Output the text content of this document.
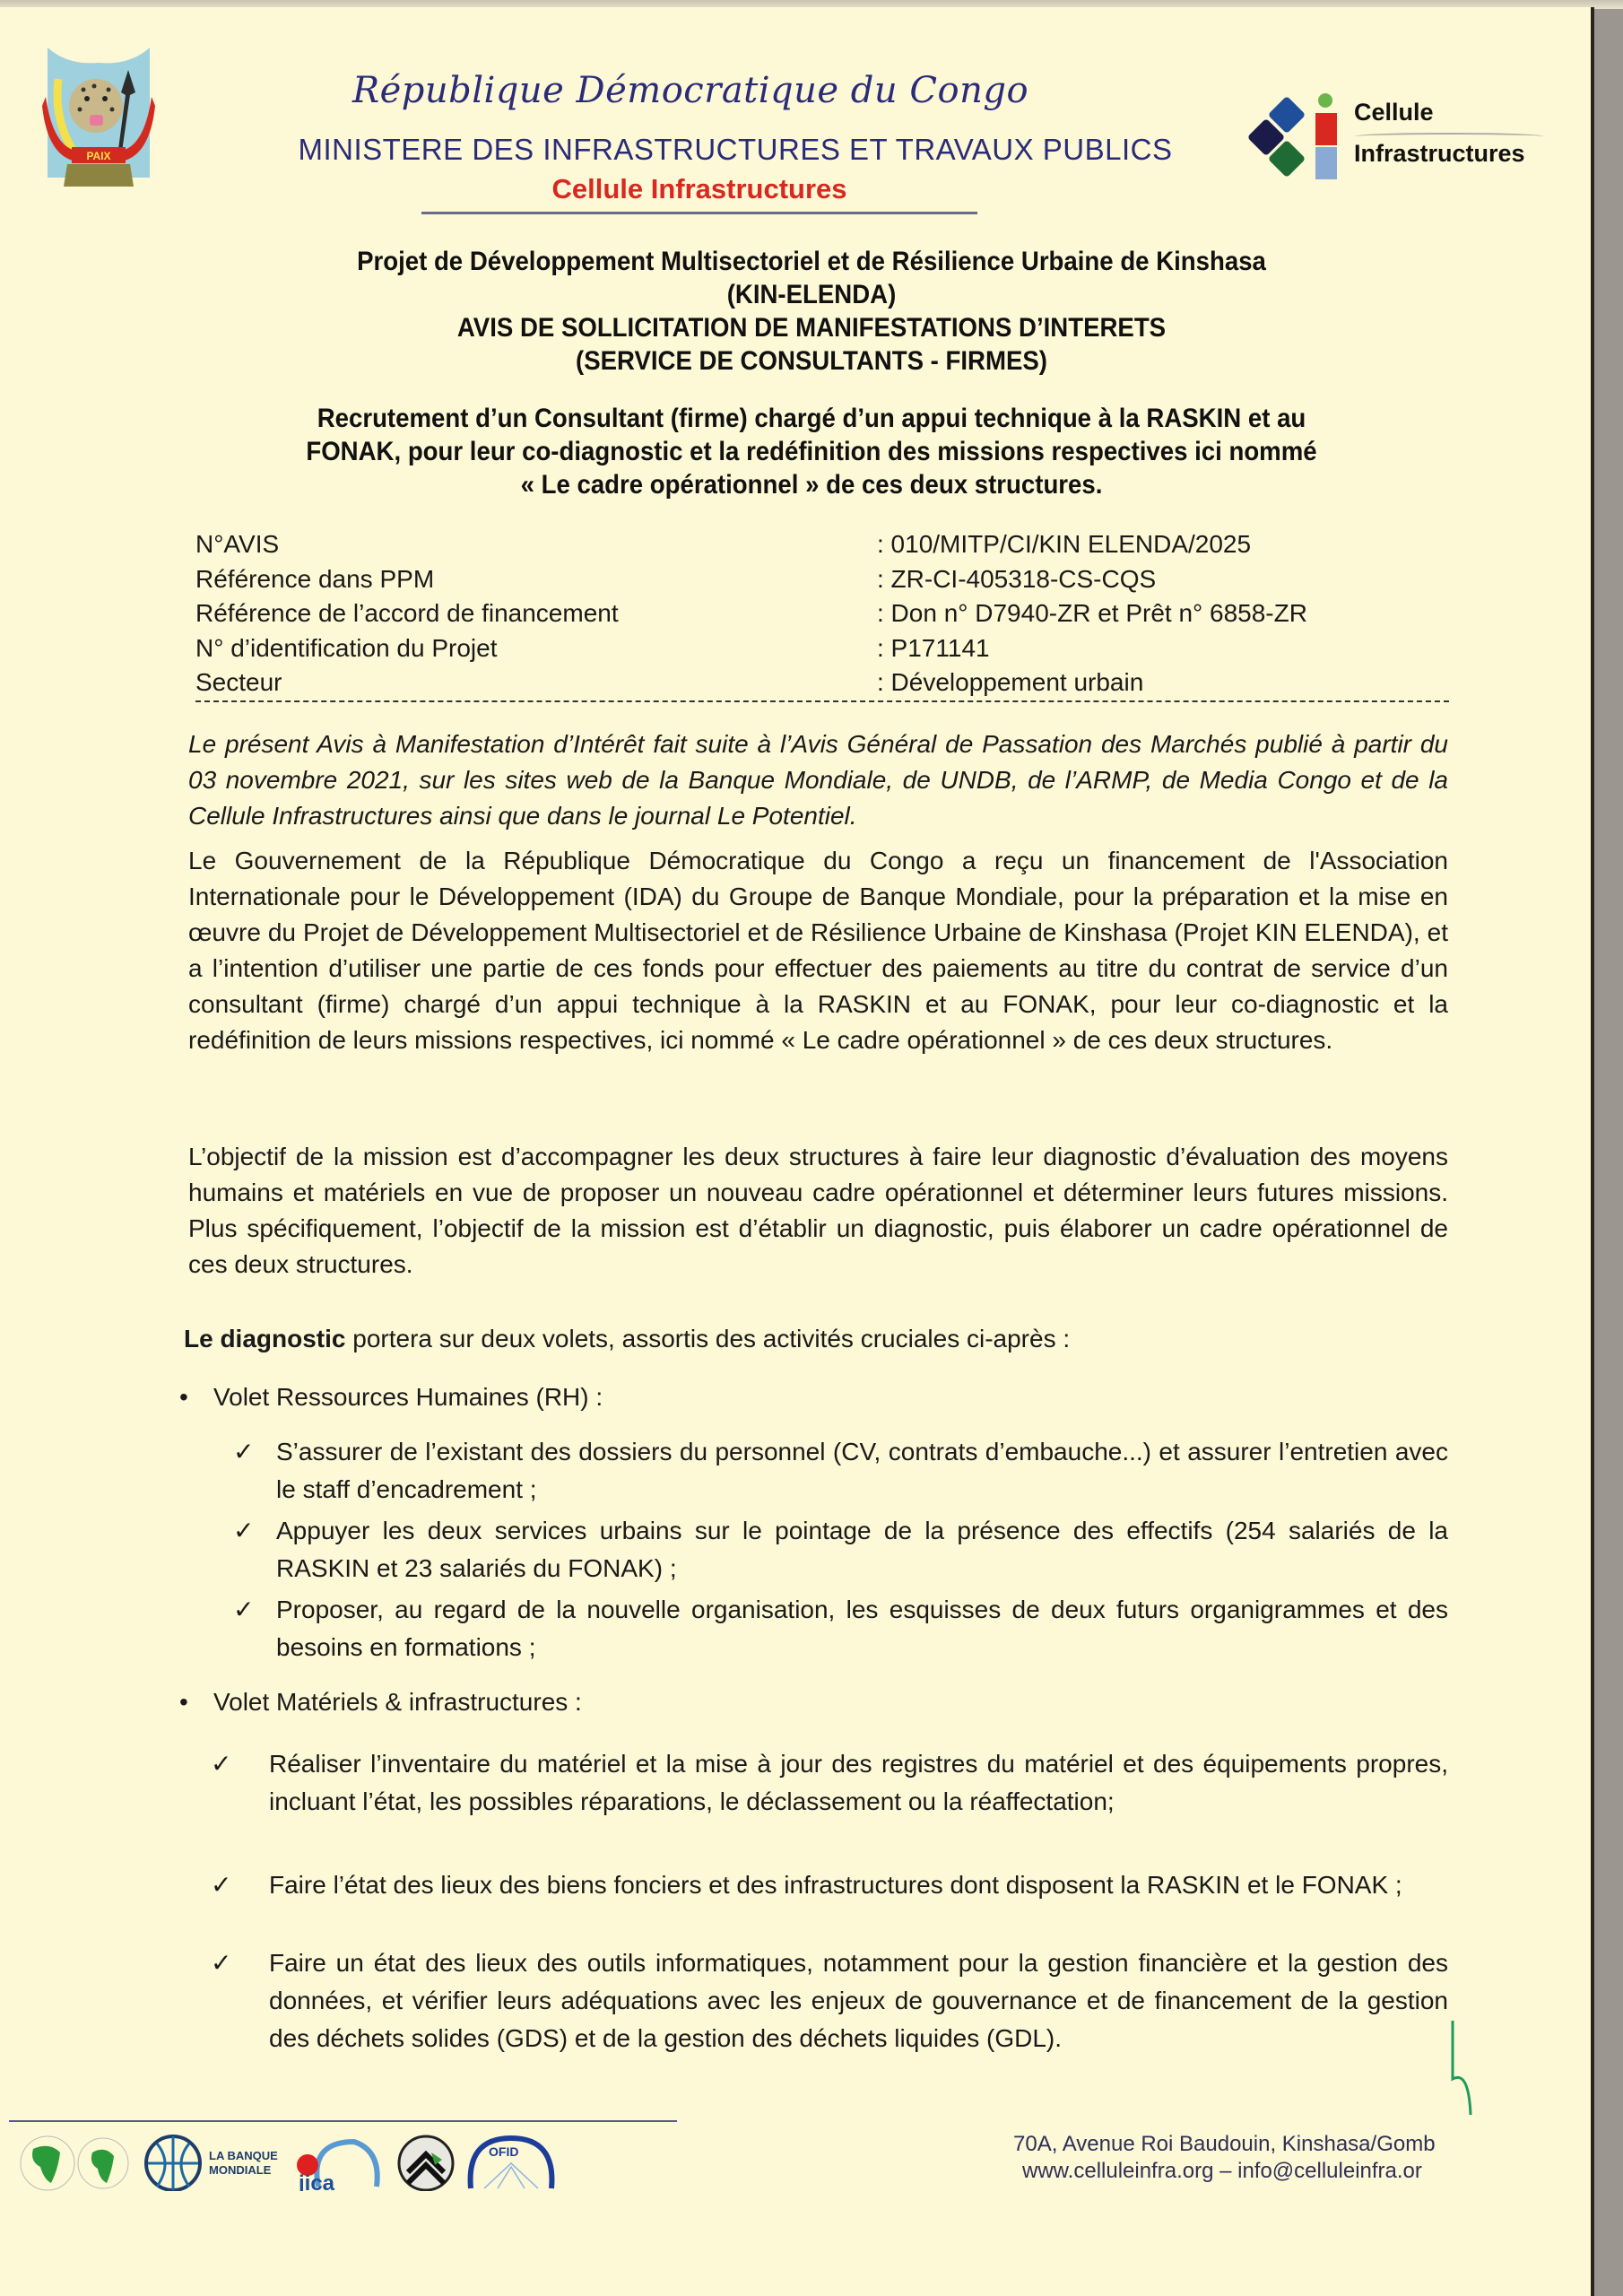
PAIX
République Démocratique du Congo
MINISTERE DES INFRASTRUCTURES ET TRAVAUX PUBLICS
Cellule Infrastructures
Cellule
Infrastructures
Projet de Développement Multisectoriel et de Résilience Urbaine de Kinshasa
(KIN-ELENDA)
AVIS DE SOLLICITATION DE MANIFESTATIONS D’INTERETS
(SERVICE DE CONSULTANTS - FIRMES)
Recrutement d’un Consultant (firme) chargé d’un appui technique à la RASKIN et au
FONAK, pour leur co-diagnostic et la redéfinition des missions respectives ici nommé
« Le cadre opérationnel » de ces deux structures.
N°AVIS	: 010/MITP/CI/KIN ELENDA/2025
Référence dans PPM	: ZR-CI-405318-CS-CQS
Référence de l’accord de financement	: Don n° D7940-ZR et Prêt n° 6858-ZR
N° d’identification du Projet	: P171141
Secteur	: Développement urbain

Le présent Avis à Manifestation d’Intérêt fait suite à l’Avis Général de Passation des Marchés publié à partir du 03 novembre 2021, sur les sites web de la Banque Mondiale, de UNDB, de l’ARMP, de Media Congo et de la Cellule Infrastructures ainsi que dans le journal Le Potentiel.

Le Gouvernement de la République Démocratique du Congo a reçu un financement de l'Association Internationale pour le Développement (IDA) du Groupe de Banque Mondiale, pour la préparation et la mise en œuvre du Projet de Développement Multisectoriel et de Résilience Urbaine de Kinshasa (Projet KIN ELENDA), et a l’intention d’utiliser une partie de ces fonds pour effectuer des paiements au titre du contrat de service d’un consultant (firme) chargé d’un appui technique à la RASKIN et au FONAK, pour leur co-diagnostic et la redéfinition de leurs missions respectives, ici nommé « Le cadre opérationnel » de ces deux structures.

L’objectif de la mission est d’accompagner les deux structures à faire leur diagnostic d’évaluation des moyens humains et matériels en vue de proposer un nouveau cadre opérationnel et déterminer leurs futures missions. Plus spécifiquement, l’objectif de la mission est d’établir un diagnostic, puis élaborer un cadre opérationnel de ces deux structures.

Le diagnostic portera sur deux volets, assortis des activités cruciales ci-après :

• Volet Ressources Humaines (RH) :
✓ S’assurer de l’existant des dossiers du personnel (CV, contrats d’embauche...) et assurer l’entretien avec le staff d’encadrement ;
✓ Appuyer les deux services urbains sur le pointage de la présence des effectifs (254 salariés de la RASKIN et 23 salariés du FONAK) ;
✓ Proposer, au regard de la nouvelle organisation, les esquisses de deux futurs organigrammes et des besoins en formations ;
• Volet Matériels & infrastructures :
✓ Réaliser l’inventaire du matériel et la mise à jour des registres du matériel et des équipements propres, incluant l’état, les possibles réparations, le déclassement ou la réaffectation;
✓ Faire l’état des lieux des biens fonciers et des infrastructures dont disposent la RASKIN et le FONAK ;
✓ Faire un état des lieux des outils informatiques, notamment pour la gestion financière et la gestion des données, et vérifier leurs adéquations avec les enjeux de gouvernance et de financement de la gestion des déchets solides (GDS) et de la gestion des déchets liquides (GDL).
LA BANQUE
MONDIALE
jica
OFID	70A, Avenue Roi Baudouin, Kinshasa/Gomb
www.celluleinfra.org – info@celluleinfra.or
